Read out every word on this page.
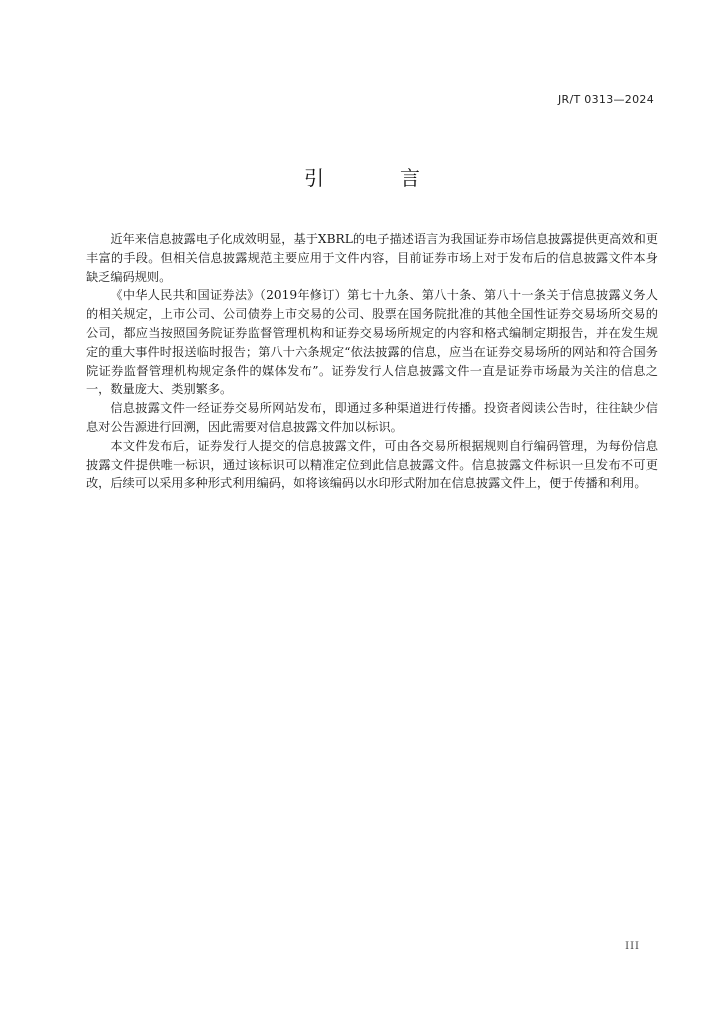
JR/T 0313—2024
引　言

近年来信息披露电子化成效明显，基于XBRL的电子描述语言为我国证券市场信息披露提供更高效和更丰富的手段。但相关信息披露规范主要应用于文件内容，目前证券市场上对于发布后的信息披露文件本身缺乏编码规则。

《中华人民共和国证券法》（2019年修订）第七十九条、第八十条、第八十一条关于信息披露义务人的相关规定，上市公司、公司债券上市交易的公司、股票在国务院批准的其他全国性证券交易场所交易的公司，都应当按照国务院证券监督管理机构和证券交易场所规定的内容和格式编制定期报告，并在发生规定的重大事件时报送临时报告；第八十六条规定“依法披露的信息，应当在证券交易场所的网站和符合国务院证券监督管理机构规定条件的媒体发布”。证券发行人信息披露文件一直是证券市场最为关注的信息之一，数量庞大、类别繁多。

信息披露文件一经证券交易所网站发布，即通过多种渠道进行传播。投资者阅读公告时，往往缺少信息对公告源进行回溯，因此需要对信息披露文件加以标识。

本文件发布后，证券发行人提交的信息披露文件，可由各交易所根据规则自行编码管理，为每份信息披露文件提供唯一标识，通过该标识可以精准定位到此信息披露文件。信息披露文件标识一旦发布不可更改，后续可以采用多种形式利用编码，如将该编码以水印形式附加在信息披露文件上，便于传播和利用。

III
